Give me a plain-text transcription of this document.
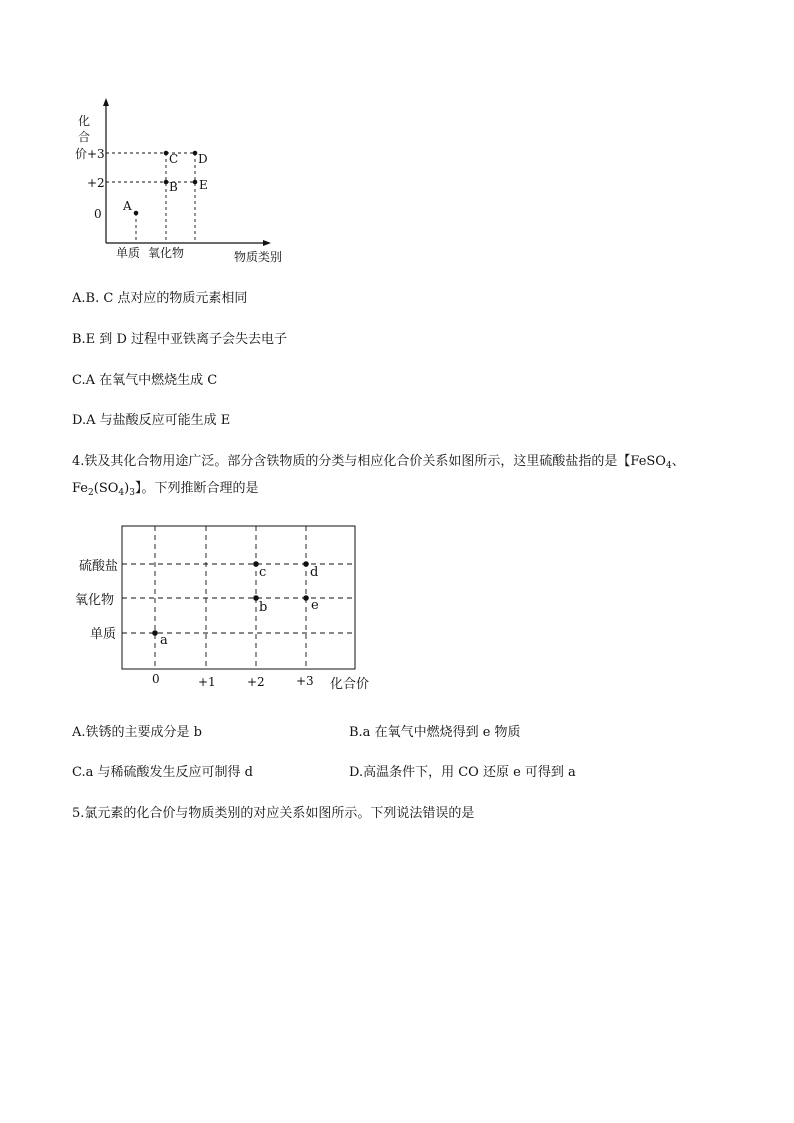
化
合
价 +3
+2
0
单质 氧化物	物质类别
A
B
C D
E
A.B. C 点对应的物质元素相同
B.E 到 D 过程中亚铁离子会失去电子
C.A 在氧气中燃烧生成 C
D.A 与盐酸反应可能生成 E
4.铁及其化合物用途广泛。部分含铁物质的分类与相应化合价关系如图所示，这里硫酸盐指的是【FeSO$_4$、
$Fe_2(SO_4)_3$】。下列推断合理的是
硫酸盐
氧化物
单质
0	+1	+2	+3 化合价
a
b
c	d
e
A.铁锈的主要成分是 b	B.a 在氧气中燃烧得到 e 物质
C.a 与稀硫酸发生反应可制得 d	D.高温条件下，用 CO 还原 e 可得到 a
5.氯元素的化合价与物质类别的对应关系如图所示。下列说法错误的是
